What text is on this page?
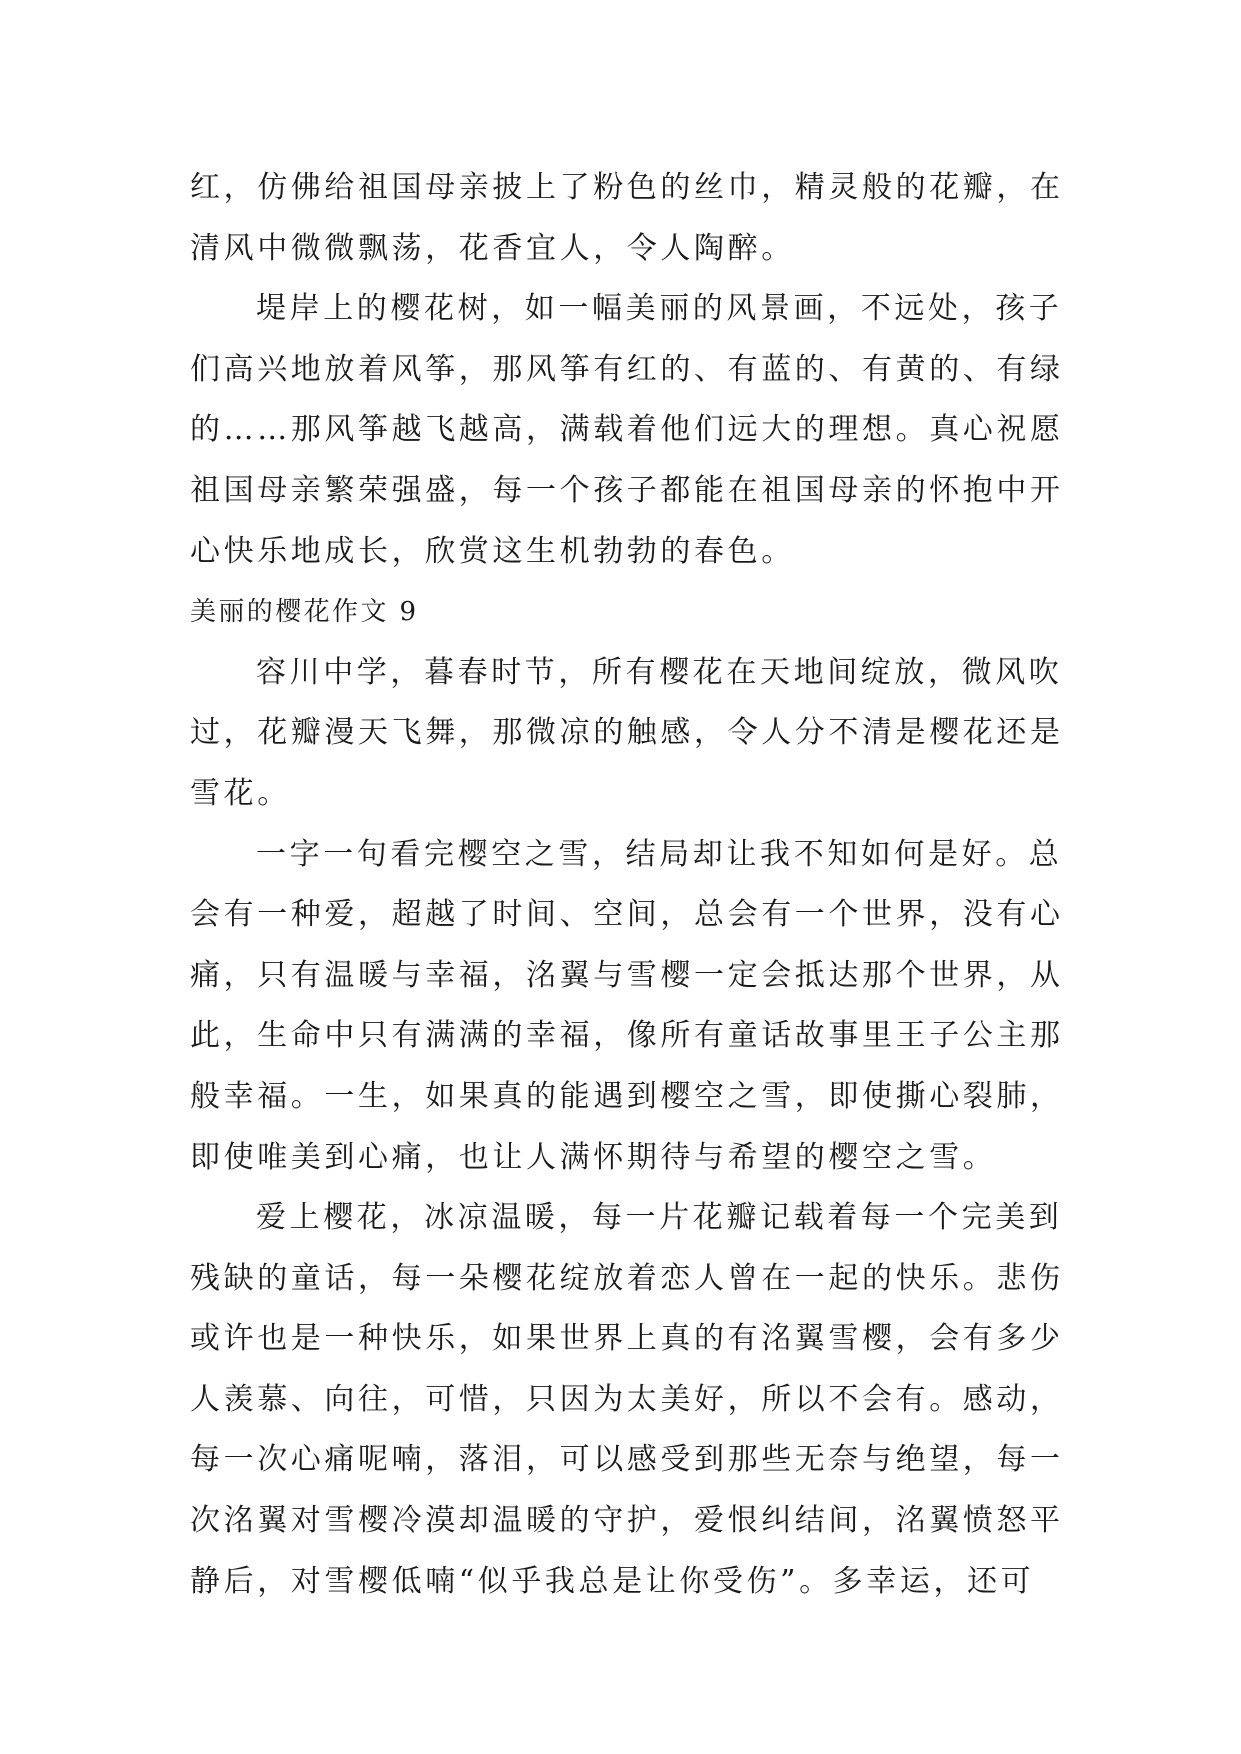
红，仿佛给祖国母亲披上了粉色的丝巾，精灵般的花瓣，在
清风中微微飘荡，花香宜人，令人陶醉。
堤岸上的樱花树，如一幅美丽的风景画，不远处，孩子
们高兴地放着风筝，那风筝有红的、有蓝的、有黄的、有绿
的……那风筝越飞越高，满载着他们远大的理想。真心祝愿
祖国母亲繁荣强盛，每一个孩子都能在祖国母亲的怀抱中开
心快乐地成长，欣赏这生机勃勃的春色。
美丽的樱花作文 9
容川中学，暮春时节，所有樱花在天地间绽放，微风吹
过，花瓣漫天飞舞，那微凉的触感，令人分不清是樱花还是
雪花。
一字一句看完樱空之雪，结局却让我不知如何是好。总
会有一种爱，超越了时间、空间，总会有一个世界，没有心
痛，只有温暖与幸福，洺翼与雪樱一定会抵达那个世界，从
此，生命中只有满满的幸福，像所有童话故事里王子公主那
般幸福。一生，如果真的能遇到樱空之雪，即使撕心裂肺，
即使唯美到心痛，也让人满怀期待与希望的樱空之雪。
爱上樱花，冰凉温暖，每一片花瓣记载着每一个完美到
残缺的童话，每一朵樱花绽放着恋人曾在一起的快乐。悲伤
或许也是一种快乐，如果世界上真的有洺翼雪樱，会有多少
人羡慕、向往，可惜，只因为太美好，所以不会有。感动，
每一次心痛呢喃，落泪，可以感受到那些无奈与绝望，每一
次洺翼对雪樱冷漠却温暖的守护，爱恨纠结间，洺翼愤怒平
静后，对雪樱低喃“似乎我总是让你受伤”。多幸运，还可
